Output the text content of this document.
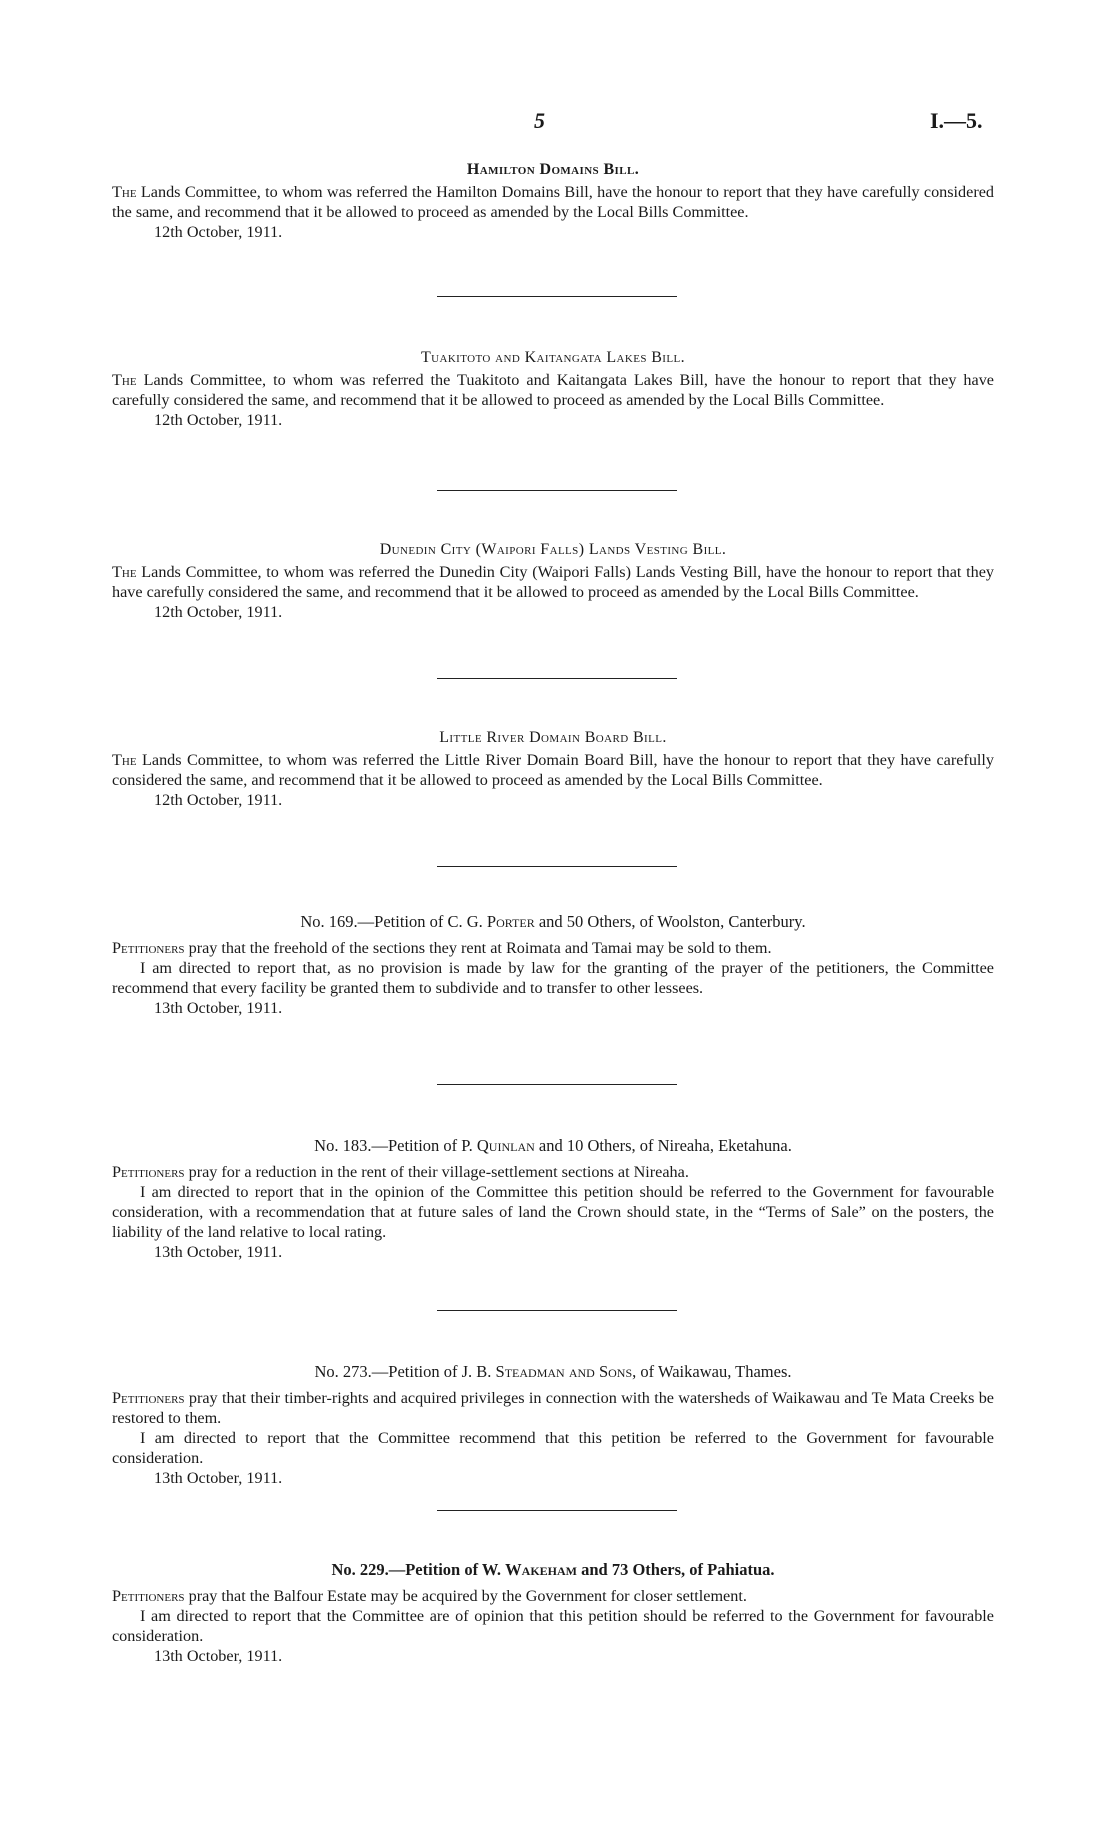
5	I.—5.
Hamilton Domains Bill.
The Lands Committee, to whom was referred the Hamilton Domains Bill, have the honour to report that they have carefully considered the same, and recommend that it be allowed to proceed as amended by the Local Bills Committee.
12th October, 1911.
Tuakitoto and Kaitangata Lakes Bill.
The Lands Committee, to whom was referred the Tuakitoto and Kaitangata Lakes Bill, have the honour to report that they have carefully considered the same, and recommend that it be allowed to proceed as amended by the Local Bills Committee.
12th October, 1911.
Dunedin City (Waipori Falls) Lands Vesting Bill.
The Lands Committee, to whom was referred the Dunedin City (Waipori Falls) Lands Vesting Bill, have the honour to report that they have carefully considered the same, and recommend that it be allowed to proceed as amended by the Local Bills Committee.
12th October, 1911.
Little River Domain Board Bill.
The Lands Committee, to whom was referred the Little River Domain Board Bill, have the honour to report that they have carefully considered the same, and recommend that it be allowed to proceed as amended by the Local Bills Committee.
12th October, 1911.
No. 169.—Petition of C. G. Porter and 50 Others, of Woolston, Canterbury.
Petitioners pray that the freehold of the sections they rent at Roimata and Tamai may be sold to them.
I am directed to report that, as no provision is made by law for the granting of the prayer of the petitioners, the Committee recommend that every facility be granted them to subdivide and to transfer to other lessees.
13th October, 1911.
No. 183.—Petition of P. Quinlan and 10 Others, of Nireaha, Eketahuna.
Petitioners pray for a reduction in the rent of their village-settlement sections at Nireaha.
I am directed to report that in the opinion of the Committee this petition should be referred to the Government for favourable consideration, with a recommendation that at future sales of land the Crown should state, in the “Terms of Sale” on the posters, the liability of the land relative to local rating.
13th October, 1911.
No. 273.—Petition of J. B. Steadman and Sons, of Waikawau, Thames.
Petitioners pray that their timber-rights and acquired privileges in connection with the watersheds of Waikawau and Te Mata Creeks be restored to them.
I am directed to report that the Committee recommend that this petition be referred to the Government for favourable consideration.
13th October, 1911.
No. 229.—Petition of W. Wakeham and 73 Others, of Pahiatua.
Petitioners pray that the Balfour Estate may be acquired by the Government for closer settlement.
I am directed to report that the Committee are of opinion that this petition should be referred to the Government for favourable consideration.
13th October, 1911.
